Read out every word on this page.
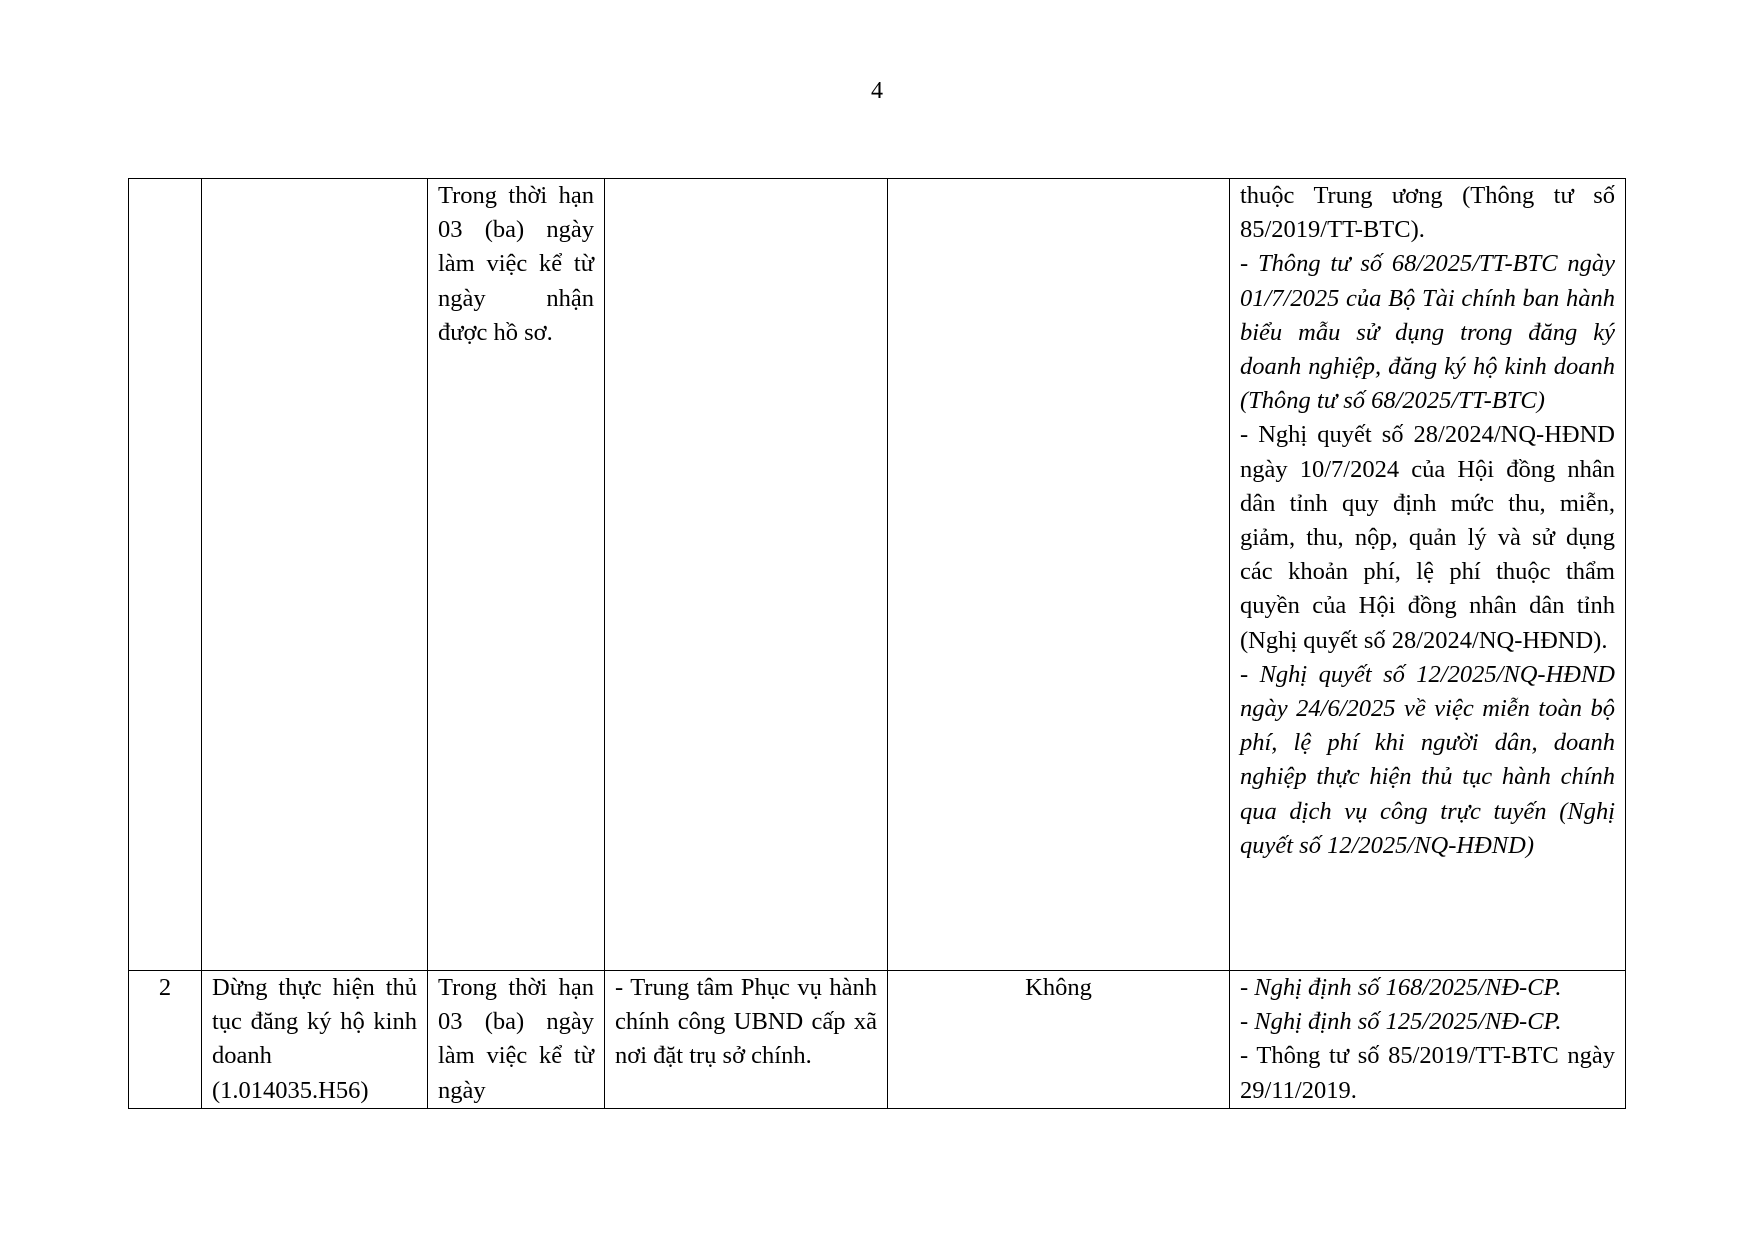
4
		Trong thời hạn 03 (ba) ngày làm việc kể từ ngày nhận được hồ sơ.			thuộc Trung ương (Thông tư số 85/2019/TT-BTC).
- Thông tư số 68/2025/TT-BTC ngày 01/7/2025 của Bộ Tài chính ban hành biểu mẫu sử dụng trong đăng ký doanh nghiệp, đăng ký hộ kinh doanh (Thông tư số 68/2025/TT-BTC)
- Nghị quyết số 28/2024/NQ-HĐND ngày 10/7/2024 của Hội đồng nhân dân tỉnh quy định mức thu, miễn, giảm, thu, nộp, quản lý và sử dụng các khoản phí, lệ phí thuộc thẩm quyền của Hội đồng nhân dân tỉnh (Nghị quyết số 28/2024/NQ-HĐND).
- Nghị quyết số 12/2025/NQ-HĐND ngày 24/6/2025 về việc miễn toàn bộ phí, lệ phí khi người dân, doanh nghiệp thực hiện thủ tục hành chính qua dịch vụ công trực tuyến (Nghị quyết số 12/2025/NQ-HĐND)

2	Dừng thực hiện thủ tục đăng ký hộ kinh doanh (1.014035.H56)	Trong thời hạn 03 (ba) ngày làm việc kể từ ngày	- Trung tâm Phục vụ hành chính công UBND cấp xã nơi đặt trụ sở chính.	Không	- Nghị định số 168/2025/NĐ-CP.
- Nghị định số 125/2025/NĐ-CP.
- Thông tư số 85/2019/TT-BTC ngày 29/11/2019.
